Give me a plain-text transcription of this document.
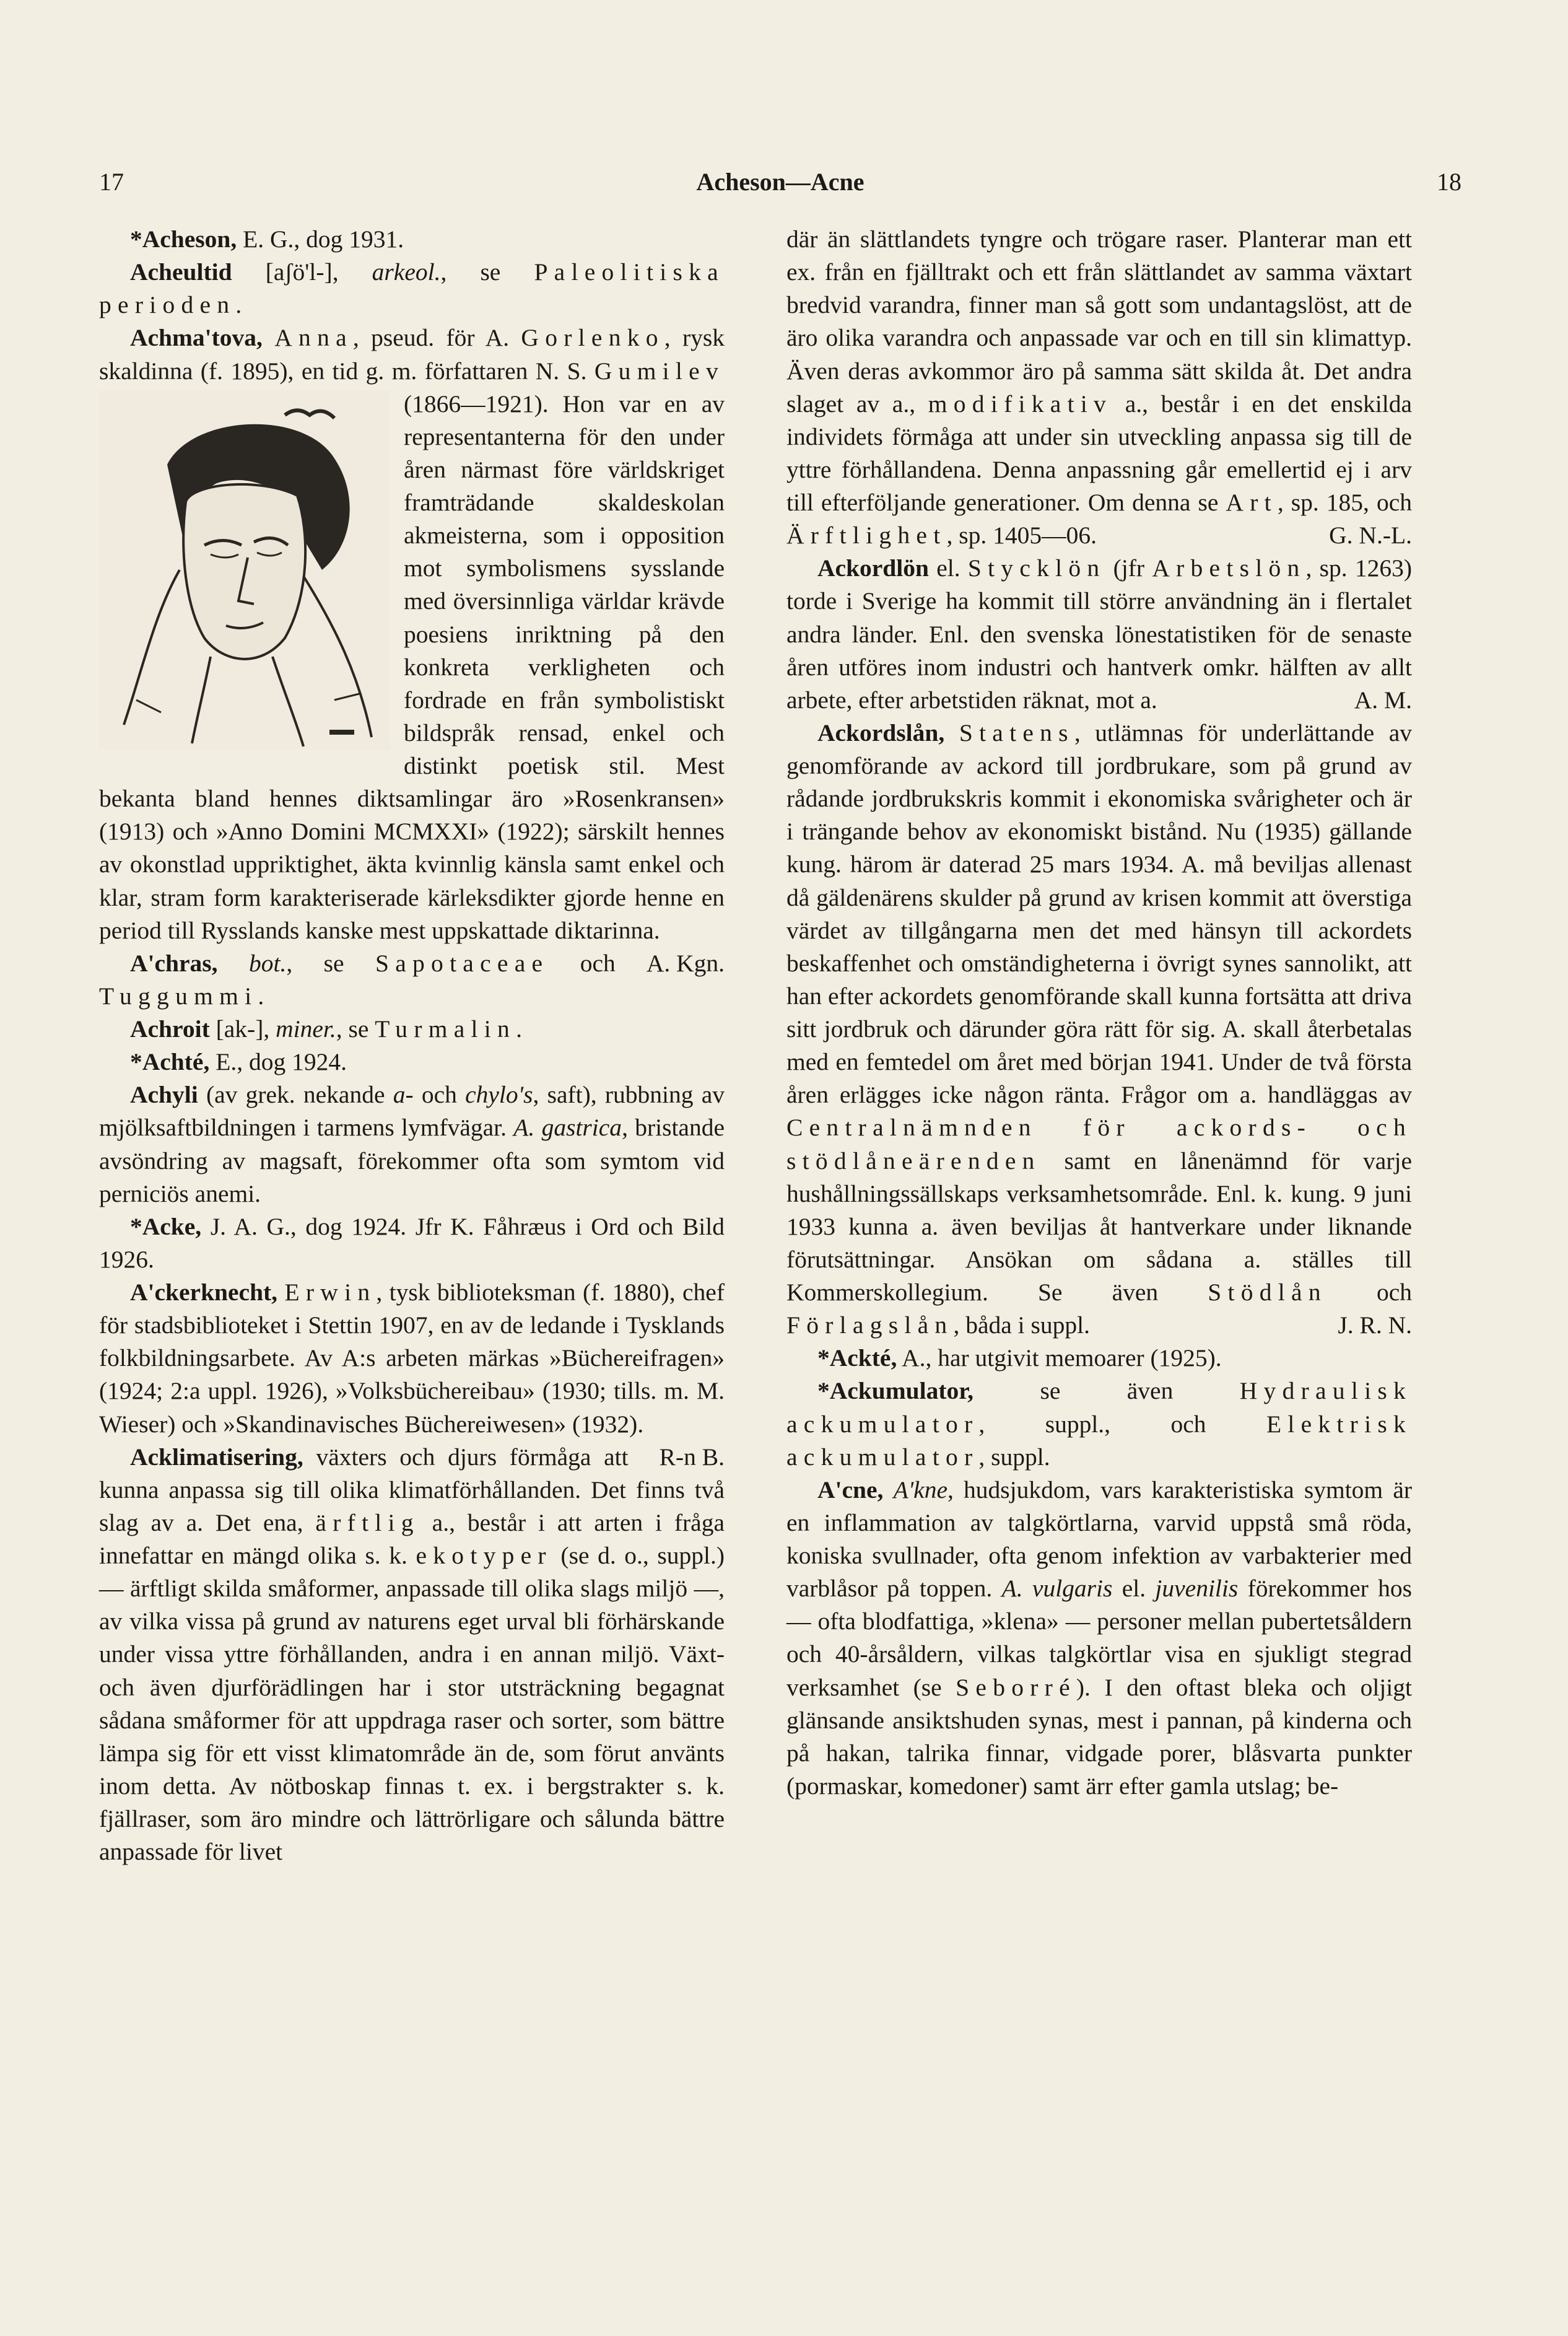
17	Acheson—Acne	18

*Acheson, E. G., dog 1931.

Acheultid [aʃö'l-], arkeol., se Paleolitiska perioden.

Achma'tova, Anna, pseud. för A. Gorlenko, rysk skaldinna (f. 1895), en tid g. m. författaren N. S. Gumilev
(1866—1921). Hon var en av representanterna för den under åren närmast före världskriget framträdande skaldeskolan akmeisterna, som i opposition mot symbolismens sysslande med översinnliga världar krävde poesiens inriktning på den konkreta verkligheten och fordrade en från symbolistiskt bildspråk rensad, enkel och distinkt poetisk stil. Mest bekanta bland hennes diktsamlingar äro »Rosenkransen» (1913) och »Anno Domini MCMXXI» (1922); särskilt hennes av okonstlad uppriktighet, äkta kvinnlig känsla samt enkel och klar, stram form karakteriserade kärleksdikter gjorde henne en period till Rysslands kanske mest uppskattade diktarinna.
A. Kgn.

A'chras, bot., se Sapotaceae och Tuggummi.

Achroit [ak-], miner., se Turmalin.

*Achté, E., dog 1924.

Achyli (av grek. nekande a- och chylo's, saft), rubbning av mjölksaftbildningen i tarmens lymfvägar. A. gastrica, bristande avsöndring av magsaft, förekommer ofta som symtom vid perniciös anemi.

*Acke, J. A. G., dog 1924. Jfr K. Fåhræus i Ord och Bild 1926.

A'ckerknecht, Erwin, tysk biblioteksman (f. 1880), chef för stadsbiblioteket i Stettin 1907, en av de ledande i Tysklands folkbildningsarbete. Av A:s arbeten märkas »Büchereifragen» (1924; 2:a uppl. 1926), »Volksbüchereibau» (1930; tills. m. M. Wieser) och »Skandinavisches Büchereiwesen» (1932).
R-n B.

Acklimatisering, växters och djurs förmåga att kunna anpassa sig till olika klimatförhållanden. Det finns två slag av a. Det ena, ärftlig a., består i att arten i fråga innefattar en mängd olika s. k. ekotyper (se d. o., suppl.) — ärftligt skilda småformer, anpassade till olika slags miljö —, av vilka vissa på grund av naturens eget urval bli förhärskande under vissa yttre förhållanden, andra i en annan miljö. Växt- och även djurförädlingen har i stor utsträckning begagnat sådana småformer för att uppdraga raser och sorter, som bättre lämpa sig för ett visst klimatområde än de, som förut använts inom detta. Av nötboskap finnas t. ex. i bergstrakter s. k. fjällraser, som äro mindre och lättrörligare och sålunda bättre anpassade för livet

där än slättlandets tyngre och trögare raser. Planterar man ett ex. från en fjälltrakt och ett från slättlandet av samma växtart bredvid varandra, finner man så gott som undantagslöst, att de äro olika varandra och anpassade var och en till sin klimattyp. Även deras avkommor äro på samma sätt skilda åt. Det andra slaget av a., modifikativ a., består i en det enskilda individets förmåga att under sin utveckling anpassa sig till de yttre förhållandena. Denna anpassning går emellertid ej i arv till efterföljande generationer. Om denna se Art, sp. 185, och Ärftlighet, sp. 1405—06.	G. N.-L.

Ackordlön el. Stycklön (jfr Arbetslön, sp. 1263) torde i Sverige ha kommit till större användning än i flertalet andra länder. Enl. den svenska lönestatistiken för de senaste åren utföres inom industri och hantverk omkr. hälften av allt arbete, efter arbetstiden räknat, mot a.	A. M.

Ackordslån, Statens, utlämnas för underlättande av genomförande av ackord till jordbrukare, som på grund av rådande jordbrukskris kommit i ekonomiska svårigheter och är i trängande behov av ekonomiskt bistånd. Nu (1935) gällande kung. härom är daterad 25 mars 1934. A. må beviljas allenast då gäldenärens skulder på grund av krisen kommit att överstiga värdet av tillgångarna men det med hänsyn till ackordets beskaffenhet och omständigheterna i övrigt synes sannolikt, att han efter ackordets genomförande skall kunna fortsätta att driva sitt jordbruk och därunder göra rätt för sig. A. skall återbetalas med en femtedel om året med början 1941. Under de två första åren erlägges icke någon ränta. Frågor om a. handläggas av Centralnämnden för ackords- och stödlåneärenden samt en lånenämnd för varje hushållningssällskaps verksamhetsområde. Enl. k. kung. 9 juni 1933 kunna a. även beviljas åt hantverkare under liknande förutsättningar. Ansökan om sådana a. ställes till Kommerskollegium. Se även Stödlån och Förlagslån, båda i suppl.	J. R. N.

*Ackté, A., har utgivit memoarer (1925).

*Ackumulator, se även Hydraulisk ackumulator, suppl., och Elektrisk ackumulator, suppl.

A'cne, A'kne, hudsjukdom, vars karakteristiska symtom är en inflammation av talgkörtlarna, varvid uppstå små röda, koniska svullnader, ofta genom infektion av varbakterier med varblåsor på toppen. A. vulgaris el. juvenilis förekommer hos — ofta blodfattiga, »klena» — personer mellan pubertetsåldern och 40-årsåldern, vilkas talgkörtlar visa en sjukligt stegrad verksamhet (se Seborré). I den oftast bleka och oljigt glänsande ansiktshuden synas, mest i pannan, på kinderna och på hakan, talrika finnar, vidgade porer, blåsvarta punkter (pormaskar, komedoner) samt ärr efter gamla utslag; be-
